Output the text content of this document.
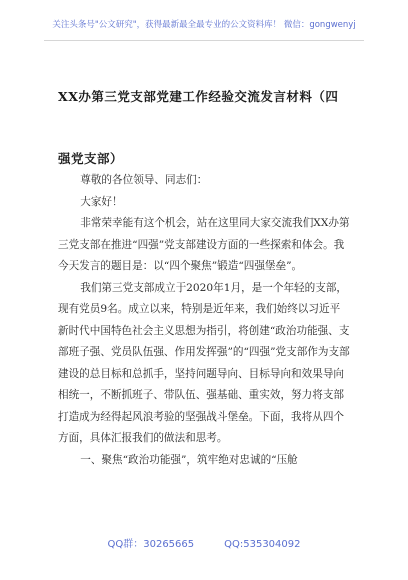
关注头条号"公文研究"，获得最新最全最专业的公文资料库！ 微信：gongwenyj
XX办第三党支部党建工作经验交流发言材料（四强党支部）

尊敬的各位领导、同志们：

大家好！

非常荣幸能有这个机会，站在这里同大家交流我们XX办第三党支部在推进“四强”党支部建设方面的一些探索和体会。我今天发言的题目是：以“四个聚焦”锻造“四强堡垒”。

我们第三党支部成立于2020年1月，是一个年轻的支部，现有党员9名。成立以来，特别是近年来，我们始终以习近平新时代中国特色社会主义思想为指引，将创建“政治功能强、支部班子强、党员队伍强、作用发挥强”的“四强”党支部作为支部建设的总目标和总抓手，坚持问题导向、目标导向和效果导向相统一，不断抓班子、带队伍、强基础、重实效，努力将支部打造成为经得起风浪考验的坚强战斗堡垒。下面，我将从四个方面，具体汇报我们的做法和思考。

一、聚焦“政治功能强”，筑牢绝对忠诚的“压舱

QQ群：30265665	QQ:535304092
